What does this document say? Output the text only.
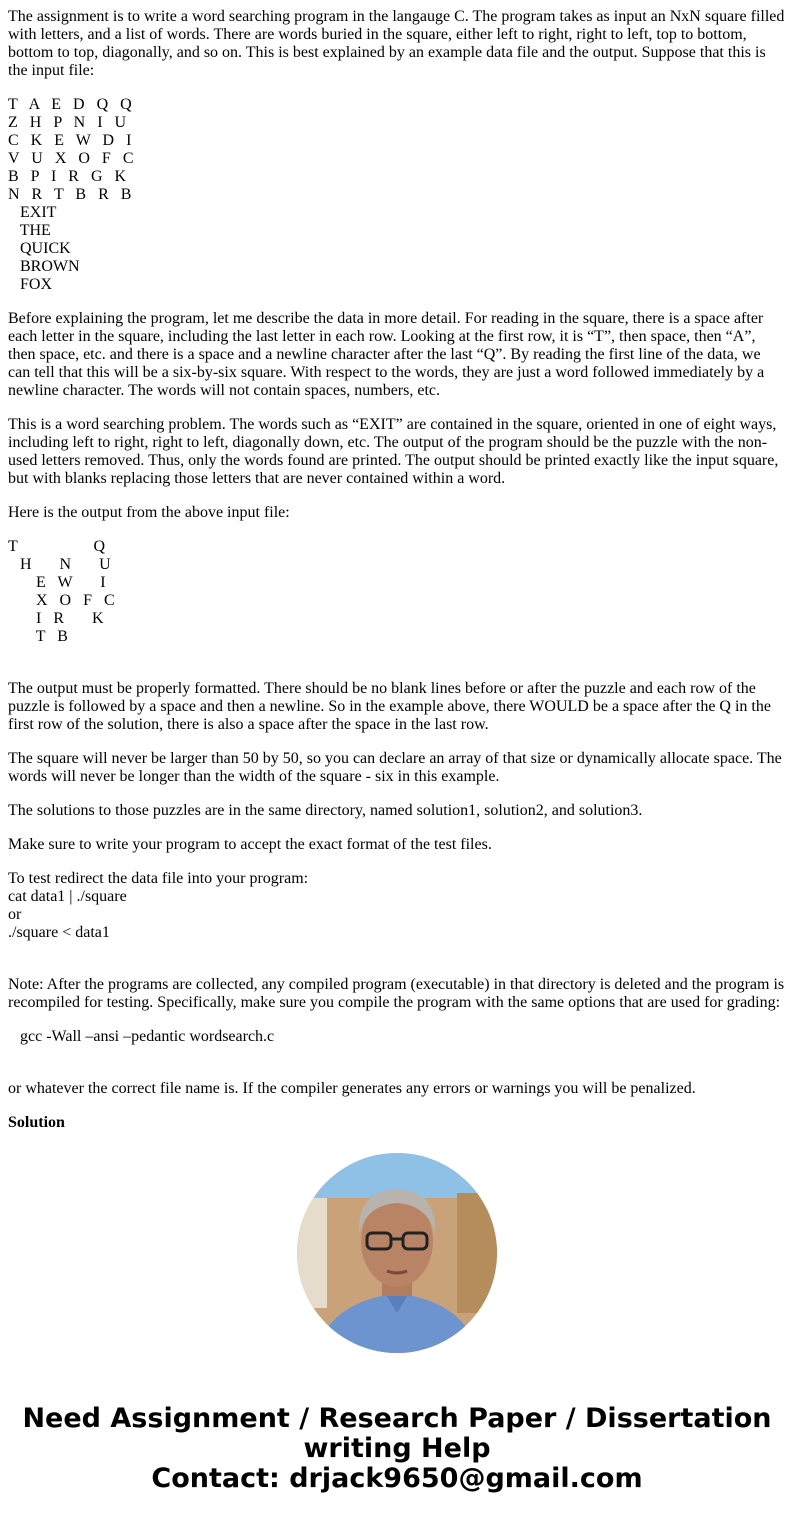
The assignment is to write a word searching program in the langauge C. The program takes as input an NxN square filled with letters, and a list of words. There are words buried in the square, either left to right, right to left, top to bottom, bottom to top, diagonally, and so on. This is best explained by an example data file and the output. Suppose that this is the input file:

T   A   E   D   Q   Q
Z   H   P   N   I   U
C   K   E   W   D   I
V   U   X   O   F   C
B   P   I   R   G   K
N   R   T   B   R   B
EXIT
THE
QUICK
BROWN
FOX

Before explaining the program, let me describe the data in more detail. For reading in the square, there is a space after each letter in the square, including the last letter in each row. Looking at the first row, it is “T”, then space, then “A”, then space, etc. and there is a space and a newline character after the last “Q”. By reading the first line of the data, we can tell that this will be a six-by-six square. With respect to the words, they are just a word followed immediately by a newline character. The words will not contain spaces, numbers, etc.

This is a word searching problem. The words such as “EXIT” are contained in the square, oriented in one of eight ways, including left to right, right to left, diagonally down, etc. The output of the program should be the puzzle with the non-used letters removed. Thus, only the words found are printed. The output should be printed exactly like the input square, but with blanks replacing those letters that are never contained within a word.

Here is the output from the above input file:

T                   Q
H       N       U
E   W       I
X   O   F   C
I   R       K
T   B

The output must be properly formatted. There should be no blank lines before or after the puzzle and each row of the puzzle is followed by a space and then a newline. So in the example above, there WOULD be a space after the Q in the first row of the solution, there is also a space after the space in the last row.

The square will never be larger than 50 by 50, so you can declare an array of that size or dynamically allocate space. The words will never be longer than the width of the square - six in this example.

The solutions to those puzzles are in the same directory, named solution1, solution2, and solution3.

Make sure to write your program to accept the exact format of the test files.

To test redirect the data file into your program:
cat data1 | ./square
or
./square < data1

Note: After the programs are collected, any compiled program (executable) in that directory is deleted and the program is recompiled for testing. Specifically, make sure you compile the program with the same options that are used for grading:

gcc -Wall –ansi –pedantic wordsearch.c

or whatever the correct file name is. If the compiler generates any errors or warnings you will be penalized.

Solution

Need Assignment / Research Paper / Dissertation
writing Help
Contact: drjack9650@gmail.com
